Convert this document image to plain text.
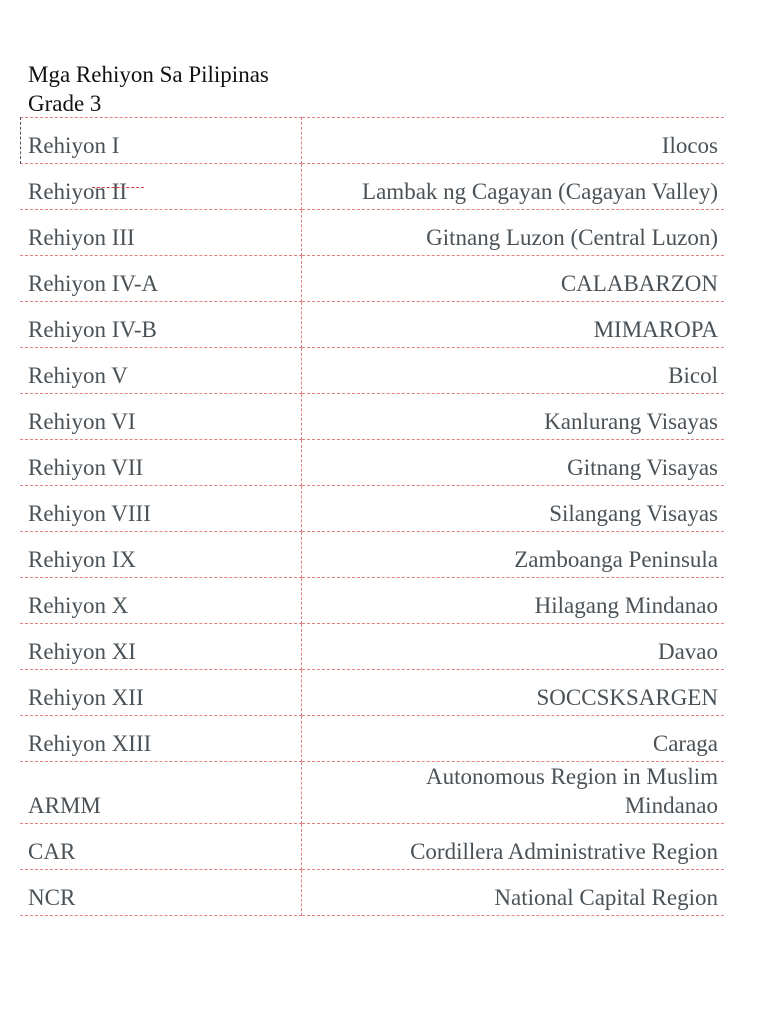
Mga Rehiyon Sa Pilipinas
Grade 3
Rehiyon I	Ilocos
Rehiyon II	Lambak ng Cagayan (Cagayan Valley)
Rehiyon III	Gitnang Luzon (Central Luzon)
Rehiyon IV-A	CALABARZON
Rehiyon IV-B	MIMAROPA
Rehiyon V	Bicol
Rehiyon VI	Kanlurang Visayas
Rehiyon VII	Gitnang Visayas
Rehiyon VIII	Silangang Visayas
Rehiyon IX	Zamboanga Peninsula
Rehiyon X	Hilagang Mindanao
Rehiyon XI	Davao
Rehiyon XII	SOCCSKSARGEN
Rehiyon XIII	Caraga
ARMM	Autonomous Region in Muslim
Mindanao

CAR	Cordillera Administrative Region
NCR	National Capital Region
